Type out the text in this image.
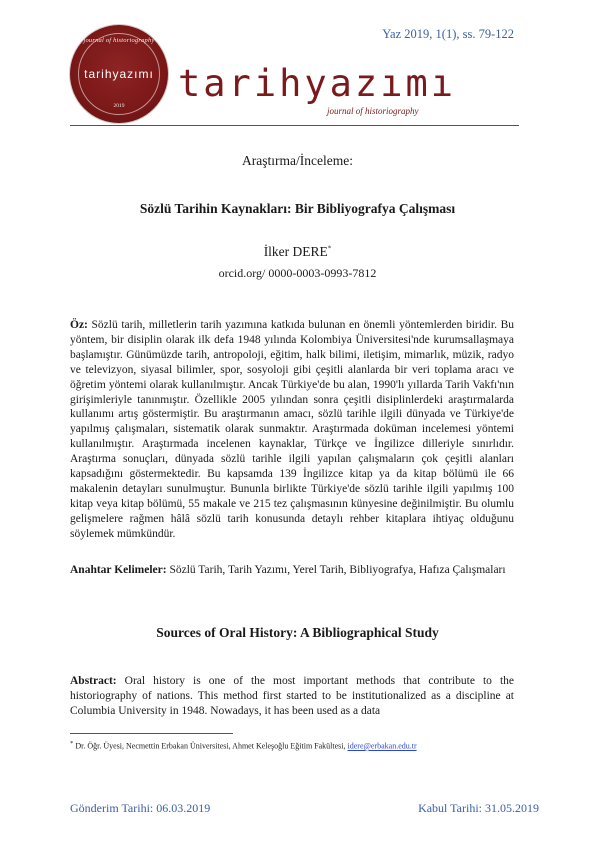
Yaz 2019, 1(1), ss. 79-122
journal of historiography
tarihyazımı
2019
tarihyazımı
journal of historiography
Araştırma/İnceleme:
Sözlü Tarihin Kaynakları: Bir Bibliyografya Çalışması
İlker DERE*
orcid.org/ 0000-0003-0993-7812
Öz: Sözlü tarih, milletlerin tarih yazımına katkıda bulunan en önemli yöntemlerden biridir. Bu yöntem, bir disiplin olarak ilk defa 1948 yılında Kolombiya Üniversitesi'nde kurumsallaşmaya başlamıştır. Günümüzde tarih, antropoloji, eğitim, halk bilimi, iletişim, mimarlık, müzik, radyo ve televizyon, siyasal bilimler, spor, sosyoloji gibi çeşitli alanlarda bir veri toplama aracı ve öğretim yöntemi olarak kullanılmıştır. Ancak Türkiye'de bu alan, 1990'lı yıllarda Tarih Vakfı'nın girişimleriyle tanınmıştır. Özellikle 2005 yılından sonra çeşitli disiplinlerdeki araştırmalarda kullanımı artış göstermiştir. Bu araştırmanın amacı, sözlü tarihle ilgili dünyada ve Türkiye'de yapılmış çalışmaları, sistematik olarak sunmaktır. Araştırmada doküman incelemesi yöntemi kullanılmıştır. Araştırmada incelenen kaynaklar, Türkçe ve İngilizce dilleriyle sınırlıdır. Araştırma sonuçları, dünyada sözlü tarihle ilgili yapılan çalışmaların çok çeşitli alanları kapsadığını göstermektedir. Bu kapsamda 139 İngilizce kitap ya da kitap bölümü ile 66 makalenin detayları sunulmuştur. Bununla birlikte Türkiye'de sözlü tarihle ilgili yapılmış 100 kitap veya kitap bölümü, 55 makale ve 215 tez çalışmasının künyesine değinilmiştir. Bu olumlu gelişmelere rağmen hâlâ sözlü tarih konusunda detaylı rehber kitaplara ihtiyaç olduğunu söylemek mümkündür.
Anahtar Kelimeler: Sözlü Tarih, Tarih Yazımı, Yerel Tarih, Bibliyografya, Hafıza Çalışmaları
Sources of Oral History: A Bibliographical Study
Abstract: Oral history is one of the most important methods that contribute to the historiography of nations. This method first started to be institutionalized as a discipline at Columbia University in 1948. Nowadays, it has been used as a data
* Dr. Öğr. Üyesi, Necmettin Erbakan Üniversitesi, Ahmet Keleşoğlu Eğitim Fakültesi, idere@erbakan.edu.tr
Gönderim Tarihi: 06.03.2019	Kabul Tarihi: 31.05.2019
